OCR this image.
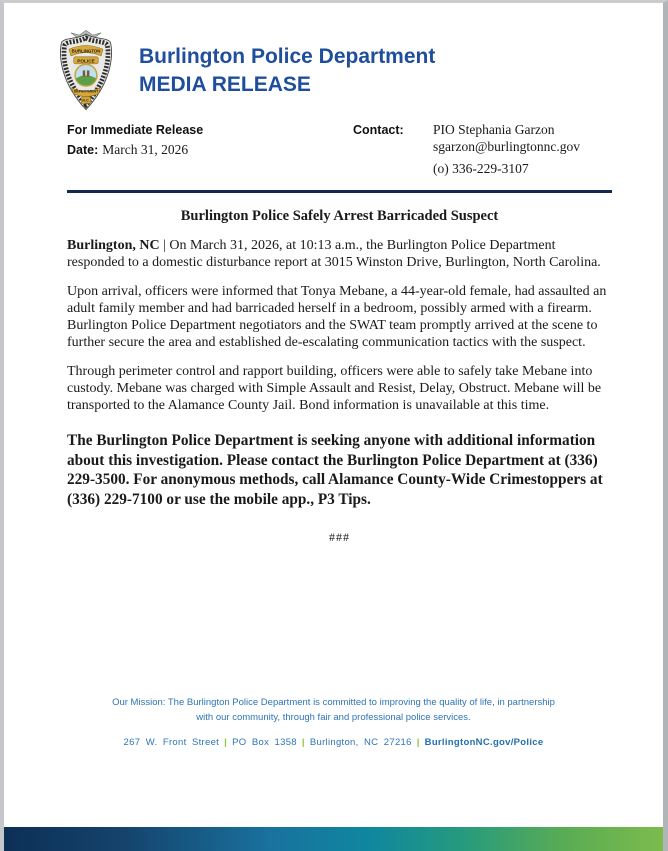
BURLINGTON
POLICE
DEPARTMENT
N.C.
Burlington Police Department
MEDIA RELEASE
For Immediate Release
Date: March 31, 2026
Contact:	PIO Stephania Garzon
sgarzon@burlingtonnc.gov
(o) 336-229-3107
Burlington Police Safely Arrest Barricaded Suspect

Burlington, NC | On March 31, 2026, at 10:13 a.m., the Burlington Police Department responded to a domestic disturbance report at 3015 Winston Drive, Burlington, North Carolina.

Upon arrival, officers were informed that Tonya Mebane, a 44-year-old female, had assaulted an adult family member and had barricaded herself in a bedroom, possibly armed with a firearm. Burlington Police Department negotiators and the SWAT team promptly arrived at the scene to further secure the area and established de-escalating communication tactics with the suspect.

Through perimeter control and rapport building, officers were able to safely take Mebane into custody. Mebane was charged with Simple Assault and Resist, Delay, Obstruct. Mebane will be transported to the Alamance County Jail. Bond information is unavailable at this time.

The Burlington Police Department is seeking anyone with additional information about this investigation. Please contact the Burlington Police Department at (336) 229-3500. For anonymous methods, call Alamance County-Wide Crimestoppers at (336) 229-7100 or use the mobile app., P3 Tips.

###
Our Mission: The Burlington Police Department is committed to improving the quality of life, in partnership with our community, through fair and professional police services.
267 W. Front Street | PO Box 1358 | Burlington, NC 27216 | BurlingtonNC.gov/Police
